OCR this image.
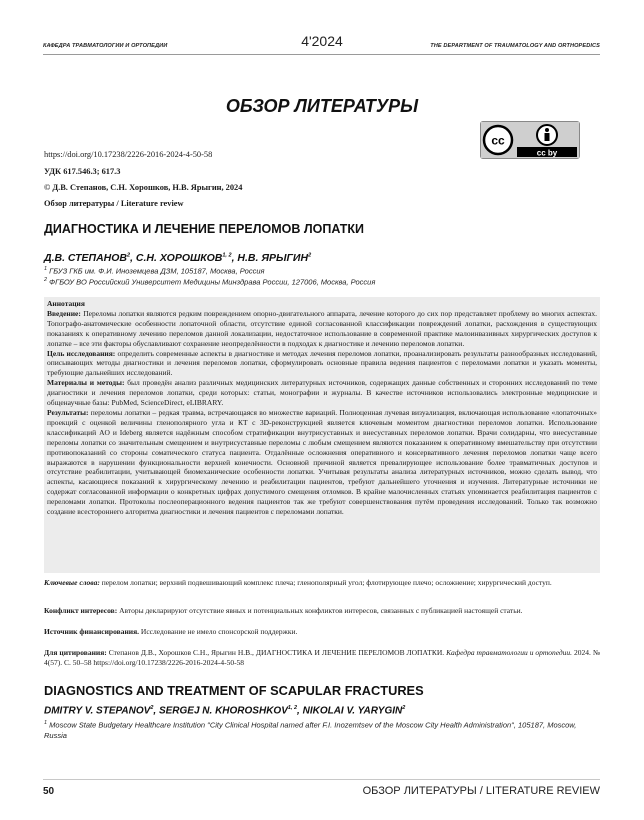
КАФЕДРА ТРАВМАТОЛОГИИ И ОРТОПЕДИИ	4'2024	THE DEPARTMENT OF TRAUMATOLOGY AND ORTHOPEDICS
ОБЗОР ЛИТЕРАТУРЫ
cc
cc by
https://doi.org/10.17238/2226-2016-2024-4-50-58
УДК 617.546.3; 617.3
© Д.В. Степанов, С.Н. Хорошков, Н.В. Ярыгин, 2024
Обзор литературы / Literature review
ДИАГНОСТИКА И ЛЕЧЕНИЕ ПЕРЕЛОМОВ ЛОПАТКИ
Д.В. СТЕПАНОВ$^2$, С.Н. ХОРОШКОВ$^{1, 2}$, Н.В. ЯРЫГИН$^2$
$^1$ ГБУЗ ГКБ им. Ф.И. Иноземцева ДЗМ, 105187, Москва, Россия
$^2$ ФГБОУ ВО Российский Университет Медицины Минздрава России, 127006, Москва, Россия

Аннотация

Введение: Переломы лопатки являются редким повреждением опорно-двигательного аппарата, лечение которого до сих пор представляет проблему во многих аспектах. Топографо-анатомические особенности лопаточной области, отсутствие единой согласованной классификации повреждений лопатки, расхождения в существующих показаниях к оперативному лечению переломов данной локализации, недостаточное использование в современной практике малоинвазивных хирургических доступов к лопатке – все эти факторы обуславливают сохранение неопределённости в подходах к диагностике и лечению переломов лопатки.

Цель исследования: определить современные аспекты в диагностике и методах лечения переломов лопатки, проанализировать результаты разнообразных исследований, описывающих методы диагностики и лечения переломов лопатки, сформулировать основные правила ведения пациентов с переломами лопатки и указать моменты, требующие дальнейших исследований.

Материалы и методы: был проведён анализ различных медицинских литературных источников, содержащих данные собственных и сторонних исследований по теме диагностики и лечения переломов лопатки, среди которых: статьи, монографии и журналы. В качестве источников использовались электронные медицинские и общенаучные базы: PubMed, ScienceDirect, eLIBRARY.

Результаты: переломы лопатки – редкая травма, встречающаяся во множестве вариаций. Полноценная лучевая визуализация, включающая использование «лопаточных» проекций с оценкой величины гленополярного угла и КТ с 3D-реконструкцией является ключевым моментом диагностики переломов лопатки. Использование классификаций AO и Ideberg является надёжным способом стратификации внутрисуставных и внесуставных переломов лопатки. Врачи солидарны, что внесуставные переломы лопатки со значительным смещением и внутрисуставные переломы с любым смещением являются показанием к оперативному вмешательству при отсутствии противопоказаний со стороны соматического статуса пациента. Отдалённые осложнения оперативного и консервативного лечения переломов лопатки чаще всего выражаются в нарушении функциональности верхней конечности. Основной причиной является превалирующее использование более травматичных доступов и отсутствие реабилитации, учитывающей биомеханические особенности лопатки. Учитывая результаты анализа литературных источников, можно сделать вывод, что аспекты, касающиеся показаний к хирургическому лечению и реабилитации пациентов, требуют дальнейшего уточнения и изучения. Литературные источники не содержат согласованной информации о конкретных цифрах допустимого смещения отломков. В крайне малочисленных статьях упоминается реабилитация пациентов с переломами лопатки. Протоколы послеоперационного ведения пациентов так же требуют совершенствования путём проведения исследований. Только так возможно создание всестороннего алгоритма диагностики и лечения пациентов с переломами лопатки.

Ключевые слова: перелом лопатки; верхний подвешивающий комплекс плеча; гленополярный угол; флотирующее плечо; осложнение; хирургический доступ.
Конфликт интересов: Авторы декларируют отсутствие явных и потенциальных конфликтов интересов, связанных с публикацией настоящей статьи.
Источник финансирования. Исследование не имело спонсорской поддержки.
Для цитирования: Степанов Д.В., Хорошков С.Н., Ярыгин Н.В., ДИАГНОСТИКА И ЛЕЧЕНИЕ ПЕРЕЛОМОВ ЛОПАТКИ. Кафедра травматологии и ортопедии. 2024. № 4(57). С. 50–58 https://doi.org/10.17238/2226-2016-2024-4-50-58
DIAGNOSTICS AND TREATMENT OF SCAPULAR FRACTURES
DMITRY V. STEPANOV$^2$, SERGEJ N. KHOROSHKOV$^{1, 2}$, NIKOLAI V. YARYGIN$^2$
$^1$ Moscow State Budgetary Healthcare Institution "City Clinical Hospital named after F.I. Inozemtsev of the Moscow City Health Administration", 105187, Moscow, Russia
50	ОБЗОР ЛИТЕРАТУРЫ / LITERATURE REVIEW
